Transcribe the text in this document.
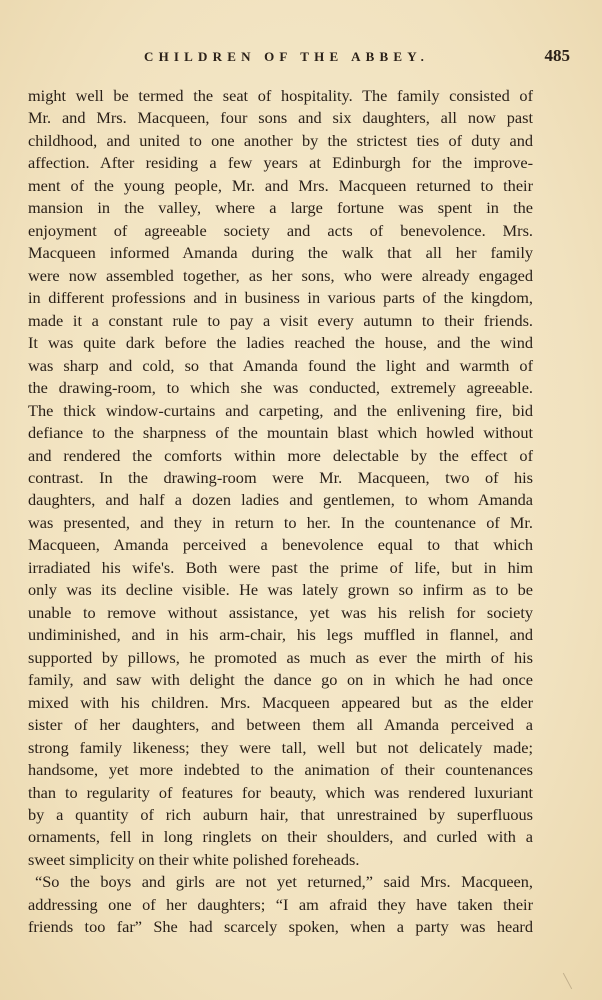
CHILDREN OF THE ABBEY.	485
might well be termed the seat of hospitality. The family consisted of
Mr. and Mrs. Macqueen, four sons and six daughters, all now past
childhood, and united to one another by the strictest ties of duty and
affection. After residing a few years at Edinburgh for the improve-
ment of the young people, Mr. and Mrs. Macqueen returned to their
mansion in the valley, where a large fortune was spent in the
enjoyment of agreeable society and acts of benevolence. Mrs.
Macqueen informed Amanda during the walk that all her family
were now assembled together, as her sons, who were already engaged
in different professions and in business in various parts of the kingdom,
made it a constant rule to pay a visit every autumn to their friends.
It was quite dark before the ladies reached the house, and the wind
was sharp and cold, so that Amanda found the light and warmth of
the drawing-room, to which she was conducted, extremely agreeable.
The thick window-curtains and carpeting, and the enlivening fire, bid
defiance to the sharpness of the mountain blast which howled without
and rendered the comforts within more delectable by the effect of
contrast. In the drawing-room were Mr. Macqueen, two of his
daughters, and half a dozen ladies and gentlemen, to whom Amanda
was presented, and they in return to her. In the countenance of Mr.
Macqueen, Amanda perceived a benevolence equal to that which
irradiated his wife's. Both were past the prime of life, but in him
only was its decline visible. He was lately grown so infirm as to be
unable to remove without assistance, yet was his relish for society
undiminished, and in his arm-chair, his legs muffled in flannel, and
supported by pillows, he promoted as much as ever the mirth of his
family, and saw with delight the dance go on in which he had once
mixed with his children. Mrs. Macqueen appeared but as the elder
sister of her daughters, and between them all Amanda perceived a
strong family likeness; they were tall, well but not delicately made;
handsome, yet more indebted to the animation of their countenances
than to regularity of features for beauty, which was rendered luxuriant
by a quantity of rich auburn hair, that unrestrained by superfluous
ornaments, fell in long ringlets on their shoulders, and curled with a
sweet simplicity on their white polished foreheads.
“So the boys and girls are not yet returned,” said Mrs. Macqueen,
addressing one of her daughters; “I am afraid they have taken their
friends too far” She had scarcely spoken, when a party was heard
